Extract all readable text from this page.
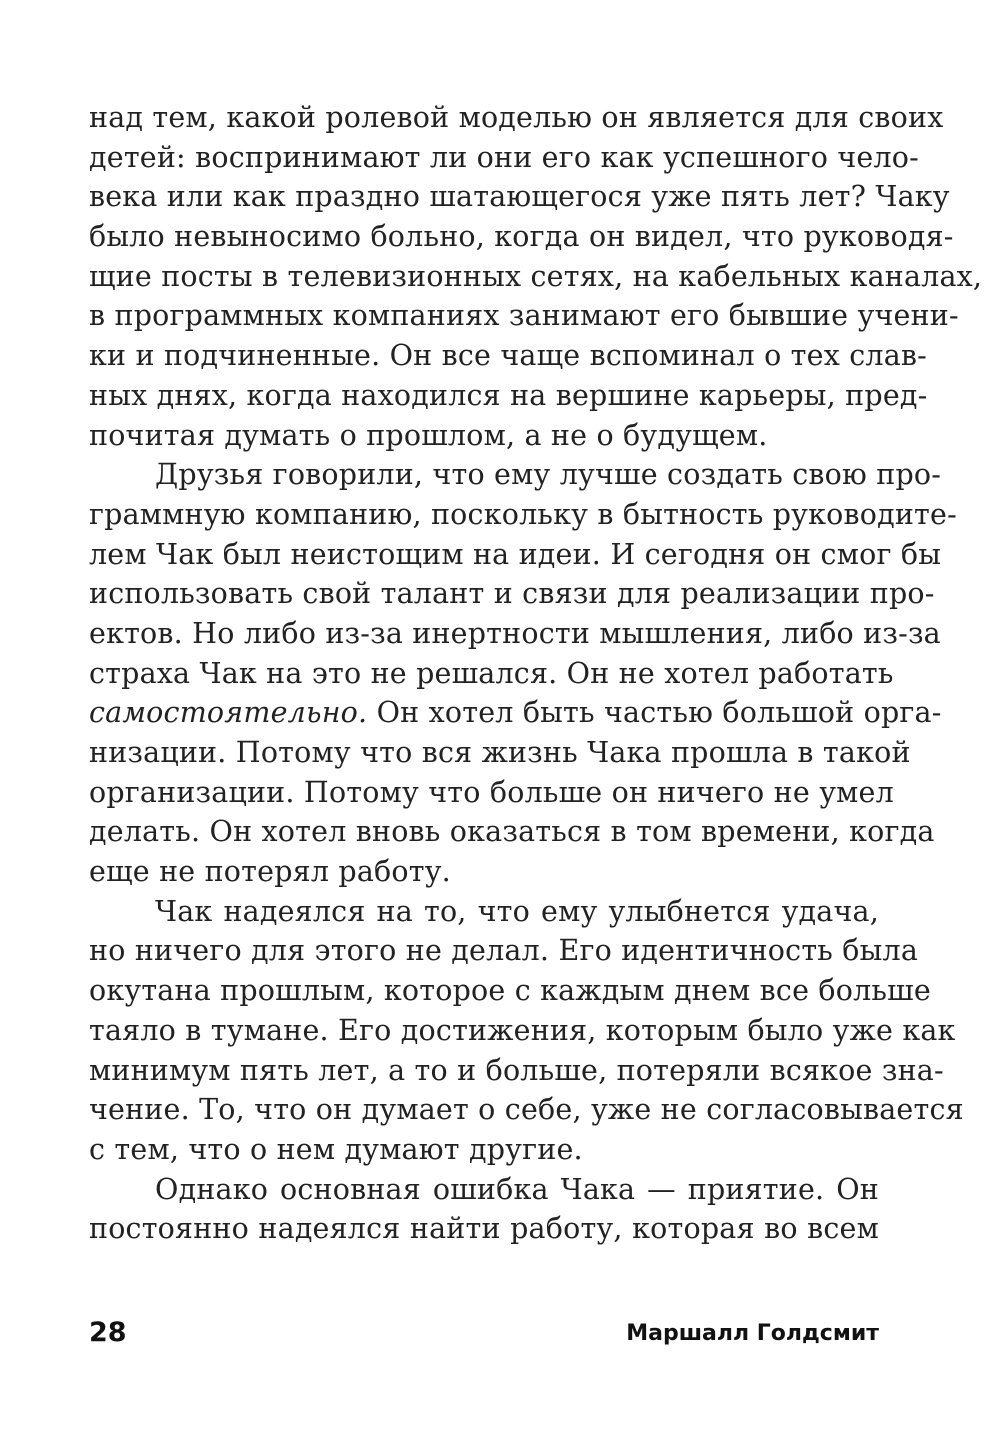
над тем, какой ролевой моделью он является для своих
детей: воспринимают ли они его как успешного чело-
века или как праздно шатающегося уже пять лет? Чаку
было невыносимо больно, когда он видел, что руководя-
щие посты в телевизионных сетях, на кабельных каналах,
в программных компаниях занимают его бывшие учени-
ки и подчиненные. Он все чаще вспоминал о тех слав-
ных днях, когда находился на вершине карьеры, пред-
почитая думать о прошлом, а не о будущем.
Друзья говорили, что ему лучше создать свою про-
граммную компанию, поскольку в бытность руководите-
лем Чак был неистощим на идеи. И сегодня он смог бы
использовать свой талант и связи для реализации про-
ектов. Но либо из-за инертности мышления, либо из-за
страха Чак на это не решался. Он не хотел работать
самостоятельно. Он хотел быть частью большой орга-
низации. Потому что вся жизнь Чака прошла в такой
организации. Потому что больше он ничего не умел
делать. Он хотел вновь оказаться в том времени, когда
еще не потерял работу.
Чак надеялся на то, что ему улыбнется удача,
но ничего для этого не делал. Его идентичность была
окутана прошлым, которое с каждым днем все больше
таяло в тумане. Его достижения, которым было уже как
минимум пять лет, а то и больше, потеряли всякое зна-
чение. То, что он думает о себе, уже не согласовывается
с тем, что о нем думают другие.
Однако основная ошибка Чака — приятие. Он
постоянно надеялся найти работу, которая во всем
28	Маршалл Голдсмит
